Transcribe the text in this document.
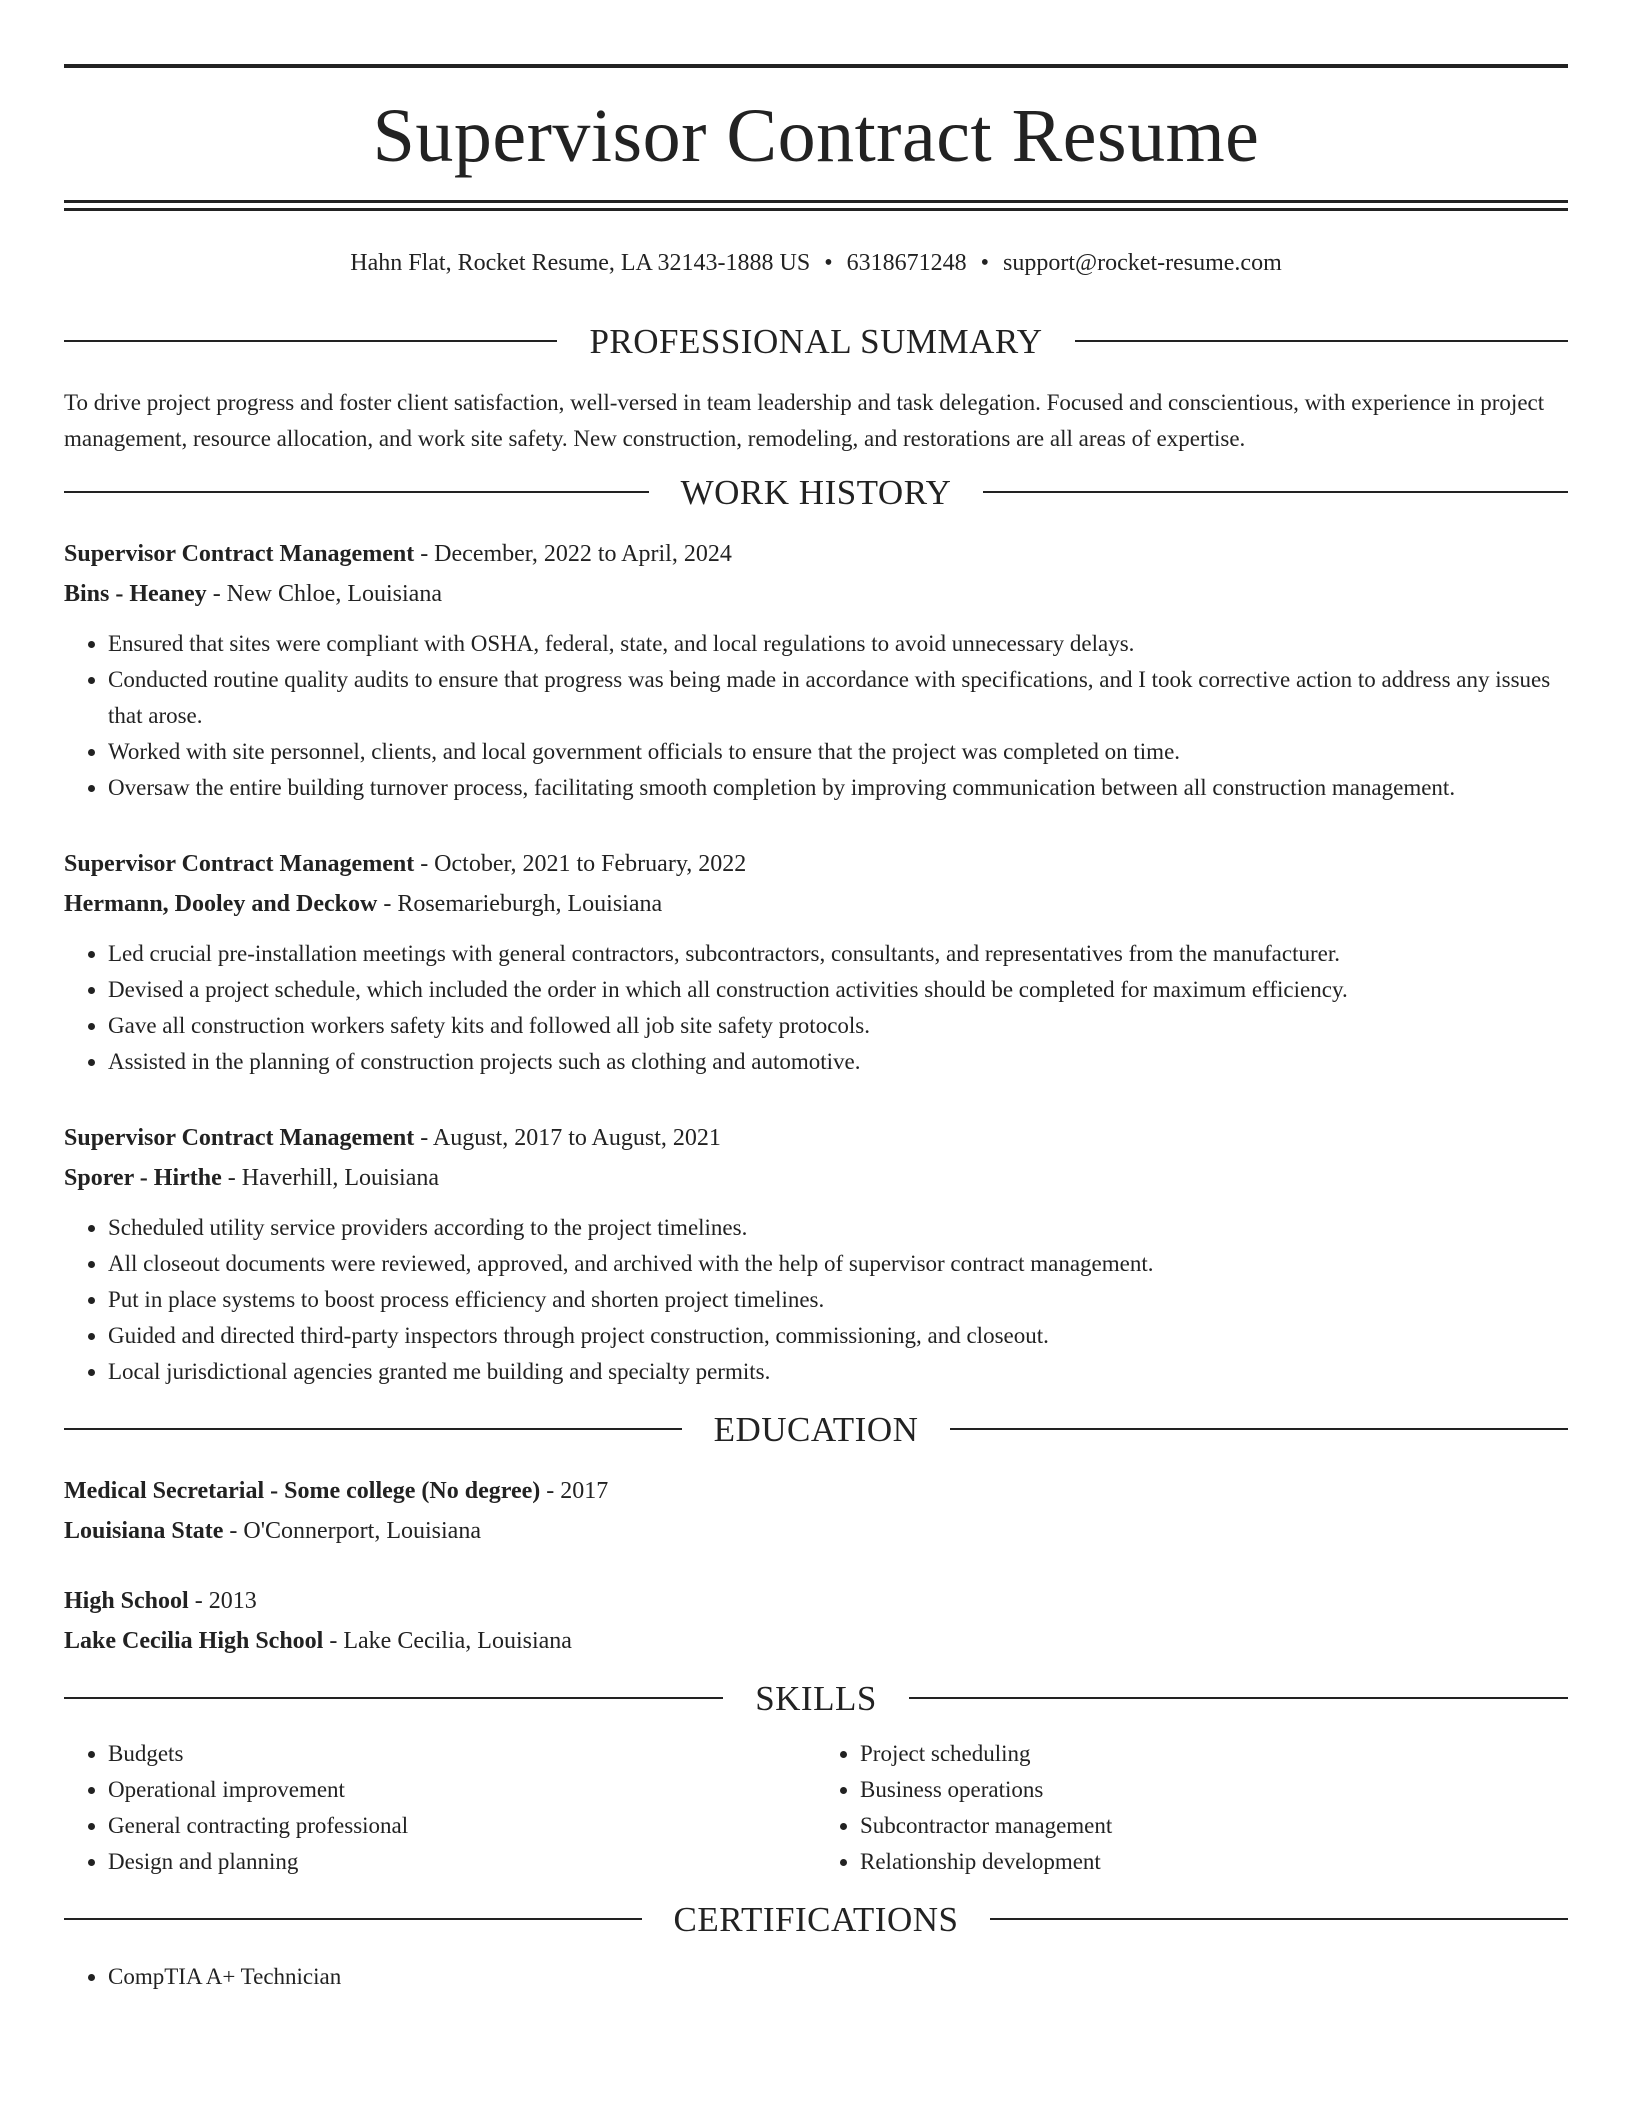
Supervisor Contract Resume
Hahn Flat, Rocket Resume, LA 32143-1888 US • 6318671248 • support@rocket-resume.com
PROFESSIONAL SUMMARY

To drive project progress and foster client satisfaction, well-versed in team leadership and task delegation. Focused and conscientious, with experience in project management, resource allocation, and work site safety. New construction, remodeling, and restorations are all areas of expertise.

WORK HISTORY
Supervisor Contract Management - December, 2022 to April, 2024
Bins - Heaney - New Chloe, Louisiana
• Ensured that sites were compliant with OSHA, federal, state, and local regulations to avoid unnecessary delays.
• Conducted routine quality audits to ensure that progress was being made in accordance with specifications, and I took corrective action to address any issues that arose.
• Worked with site personnel, clients, and local government officials to ensure that the project was completed on time.
• Oversaw the entire building turnover process, facilitating smooth completion by improving communication between all construction management.
Supervisor Contract Management - October, 2021 to February, 2022
Hermann, Dooley and Deckow - Rosemarieburgh, Louisiana
• Led crucial pre-installation meetings with general contractors, subcontractors, consultants, and representatives from the manufacturer.
• Devised a project schedule, which included the order in which all construction activities should be completed for maximum efficiency.
• Gave all construction workers safety kits and followed all job site safety protocols.
• Assisted in the planning of construction projects such as clothing and automotive.
Supervisor Contract Management - August, 2017 to August, 2021
Sporer - Hirthe - Haverhill, Louisiana
• Scheduled utility service providers according to the project timelines.
• All closeout documents were reviewed, approved, and archived with the help of supervisor contract management.
• Put in place systems to boost process efficiency and shorten project timelines.
• Guided and directed third-party inspectors through project construction, commissioning, and closeout.
• Local jurisdictional agencies granted me building and specialty permits.
EDUCATION
Medical Secretarial - Some college (No degree) - 2017
Louisiana State - O'Connerport, Louisiana
High School - 2013
Lake Cecilia High School - Lake Cecilia, Louisiana
SKILLS
• Budgets
• Operational improvement
• General contracting professional
• Design and planning
• Project scheduling
• Business operations
• Subcontractor management
• Relationship development
CERTIFICATIONS
• CompTIA A+ Technician
